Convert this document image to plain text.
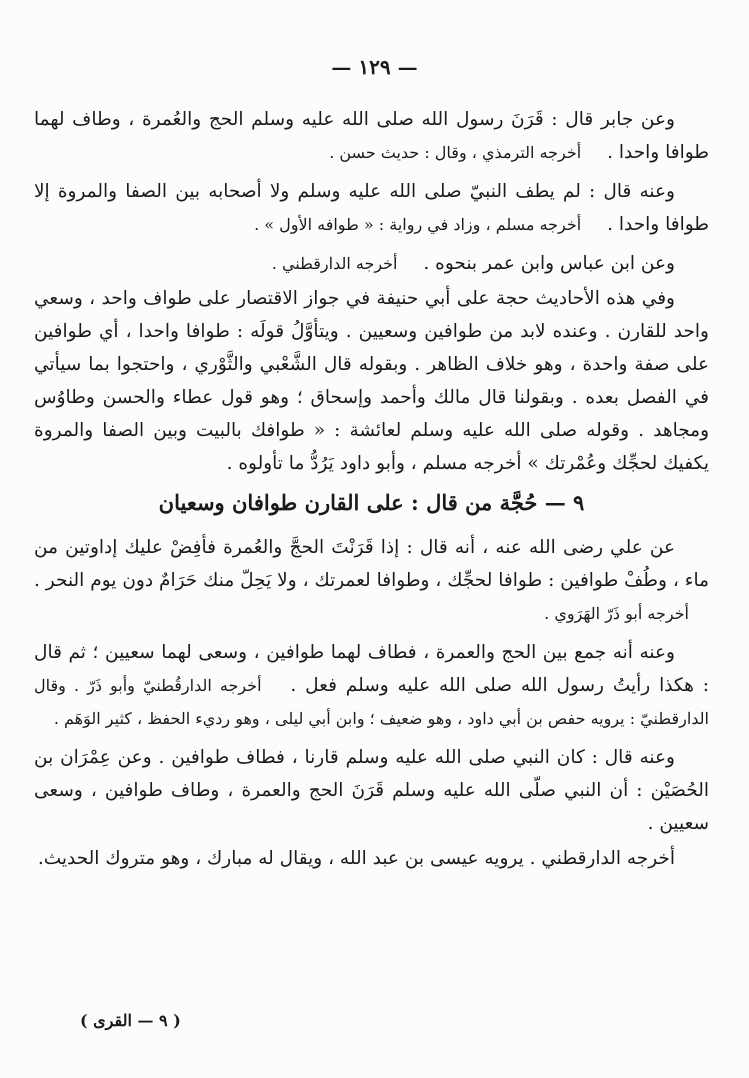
— ١٢٩ —

وعن جابر قال : قَرَنَ رسول الله صلى الله عليه وسلم الحج والعُمرة ، وطاف لهما طوافا واحدا . أخرجه الترمذي ، وقال : حديث حسن .

وعنه قال : لم يطف النبيّ صلى الله عليه وسلم ولا أصحابه بين الصفا والمروة إلا طوافا واحدا . أخرجه مسلم ، وزاد في رواية : « طوافه الأول » .

وعن ابن عباس وابن عمر بنحوه . أخرجه الدارقطني .

وفي هذه الأحاديث حجة على أبي حنيفة في جواز الاقتصار على طواف واحد ، وسعي واحد للقارن . وعنده لابد من طوافين وسعيين . ويتأوَّلُ قولَه : طوافا واحدا ، أي طوافين على صفة واحدة ، وهو خلاف الظاهر . وبقوله قال الشَّعْبي والثَّوْري ، واحتجوا بما سيأتي في الفصل بعده . وبقولنا قال مالك وأحمد وإسحاق ؛ وهو قول عطاء والحسن وطاوُس ومجاهد . وقوله صلى الله عليه وسلم لعائشة : « طوافك بالبيت وبين الصفا والمروة يكفيك لحجِّك وعُمْرتك » أخرجه مسلم ، وأبو داود يَرُدُّ ما تأولوه .

٩ — حُجَّة من قال : على القارن طوافان وسعيان

عن علي رضى الله عنه ، أنه قال : إذا قَرَنْتَ الحجَّ والعُمرة فأفِضْ عليك إداوتين من ماء ، وطُفْ طوافين : طوافا لحجِّك ، وطوافا لعمرتك ، ولا يَحِلّ منك حَرَامٌ دون يوم النحر . أخرجه أبو ذَرّ الهَرَوي .

وعنه أنه جمع بين الحج والعمرة ، فطاف لهما طوافين ، وسعى لهما سعيين ؛ ثم قال : هكذا رأيتُ رسول الله صلى الله عليه وسلم فعل . أخرجه الدارقُطنيّ وأبو ذَرّ . وقال الدارقطنيّ : يرويه حفص بن أبي داود ، وهو ضعيف ؛ وابن أبي ليلى ، وهو رديء الحفظ ، كثير الوَهَم .

وعنه قال : كان النبي صلى الله عليه وسلم قارنا ، فطاف طوافين . وعن عِمْرَان بن الحُصَيْن : أن النبي صلّى الله عليه وسلم قَرَنَ الحج والعمرة ، وطاف طوافين ، وسعى سعيين .

أخرجه الدارقطني . يرويه عيسى بن عبد الله ، ويقال له مبارك ، وهو متروك الحديث.

( ٩ — القرى )
